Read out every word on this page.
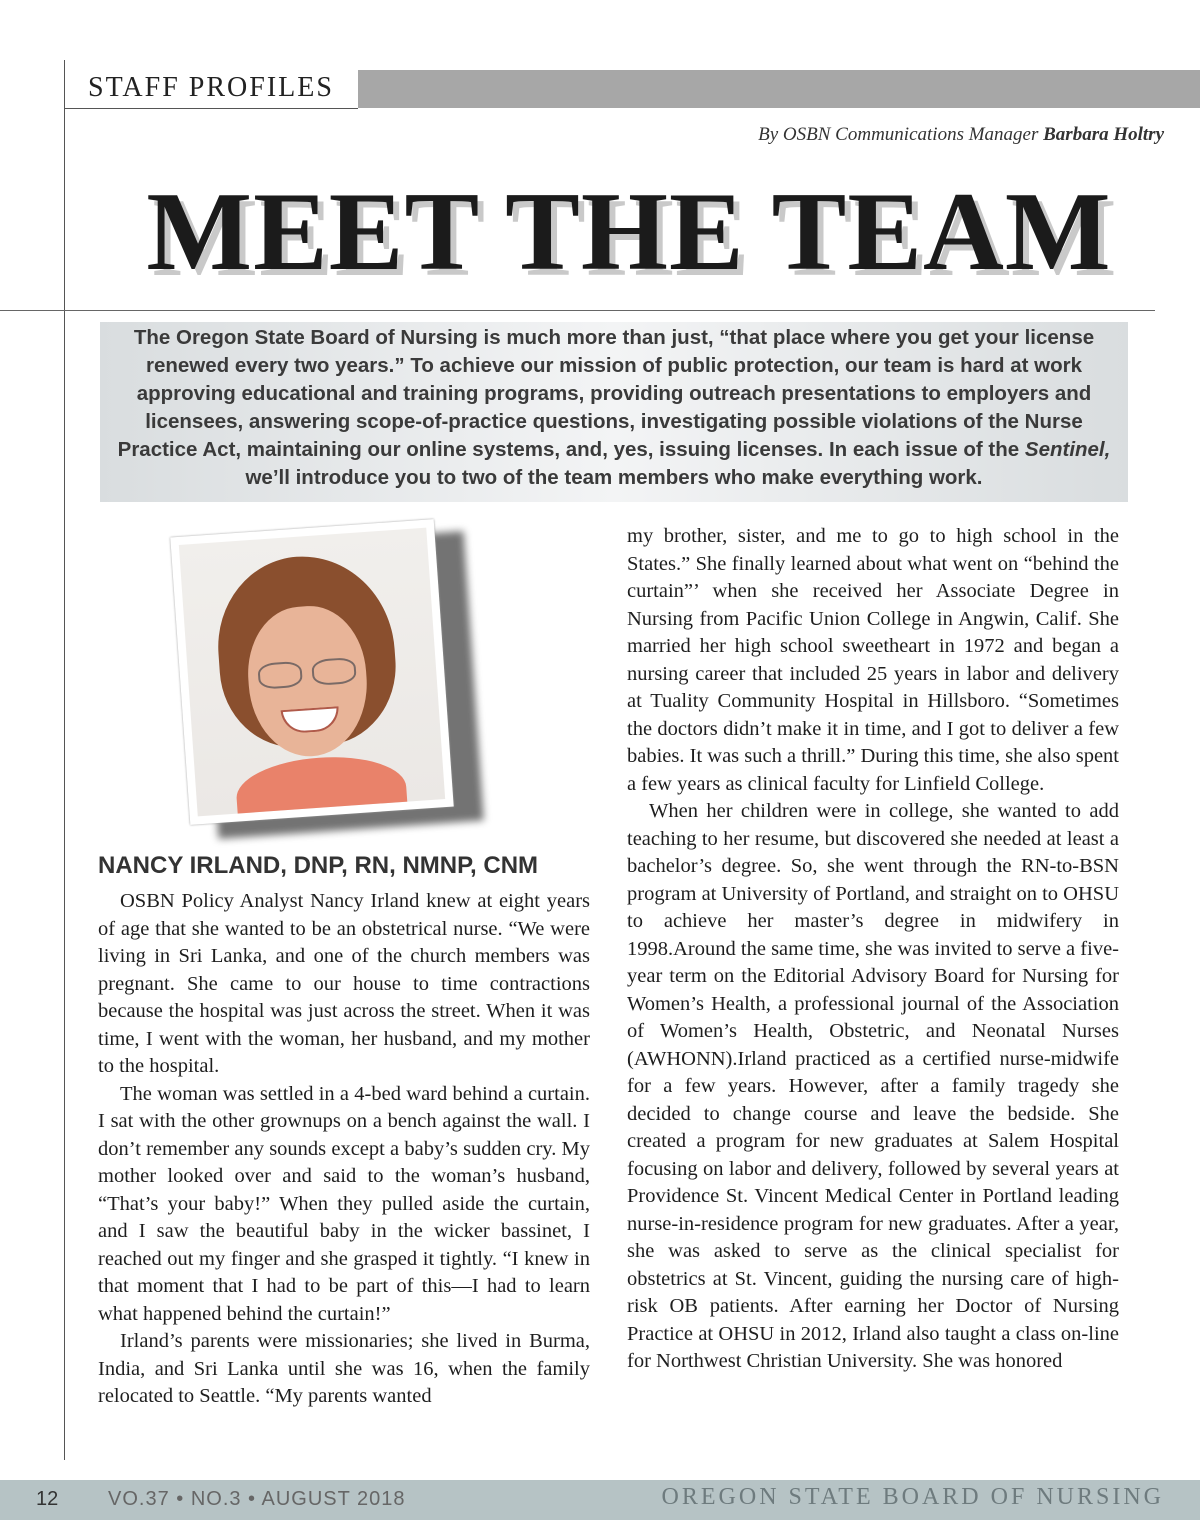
STAFF PROFILES
By OSBN Communications Manager Barbara Holtry
MEET THE TEAM
The Oregon State Board of Nursing is much more than just, “that place where you get your license renewed every two years.” To achieve our mission of public protection, our team is hard at work approving educational and training programs, providing outreach presentations to employers and licensees, answering scope-of-practice questions, investigating possible violations of the Nurse Practice Act, maintaining our online systems, and, yes, issuing licenses. In each issue of the Sentinel, we’ll introduce you to two of the team members who make everything work.
NANCY IRLAND, DNP, RN, NMNP, CNM

OSBN Policy Analyst Nancy Irland knew at eight years of age that she wanted to be an obstetrical nurse. “We were living in Sri Lanka, and one of the church members was pregnant. She came to our house to time contractions because the hospital was just across the street. When it was time, I went with the woman, her husband, and my mother to the hospital.

The woman was settled in a 4-bed ward behind a curtain. I sat with the other grownups on a bench against the wall. I don’t remember any sounds except a baby’s sudden cry. My mother looked over and said to the woman’s husband, “That’s your baby!” When they pulled aside the curtain, and I saw the beautiful baby in the wicker bassinet, I reached out my finger and she grasped it tightly. “I knew in that moment that I had to be part of this—I had to learn what happened behind the curtain!”

Irland’s parents were missionaries; she lived in Burma, India, and Sri Lanka until she was 16, when the family relocated to Seattle. “My parents wanted

my brother, sister, and me to go to high school in the States.” She finally learned about what went on “behind the curtain”’ when she received her Associate Degree in Nursing from Pacific Union College in Angwin, Calif. She married her high school sweetheart in 1972 and began a nursing career that included 25 years in labor and delivery at Tuality Community Hospital in Hillsboro. “Sometimes the doctors didn’t make it in time, and I got to deliver a few babies. It was such a thrill.” During this time, she also spent a few years as clinical faculty for Linfield College.

When her children were in college, she wanted to add teaching to her resume, but discovered she needed at least a bachelor’s degree. So, she went through the RN-to-BSN program at University of Portland, and straight on to OHSU to achieve her master’s degree in midwifery in 1998.Around the same time, she was invited to serve a five-year term on the Editorial Advisory Board for Nursing for Women’s Health, a professional journal of the Association of Women’s Health, Obstetric, and Neonatal Nurses (AWHONN).Irland practiced as a certified nurse-midwife for a few years. However, after a family tragedy she decided to change course and leave the bedside. She created a program for new graduates at Salem Hospital focusing on labor and delivery, followed by several years at Providence St. Vincent Medical Center in Portland leading nurse-in-residence program for new graduates. After a year, she was asked to serve as the clinical specialist for obstetrics at St. Vincent, guiding the nursing care of high-risk OB patients. After earning her Doctor of Nursing Practice at OHSU in 2012, Irland also taught a class on-line for Northwest Christian University. She was honored

12 VO.37 • NO.3 • AUGUST 2018	OREGON STATE BOARD OF NURSING
